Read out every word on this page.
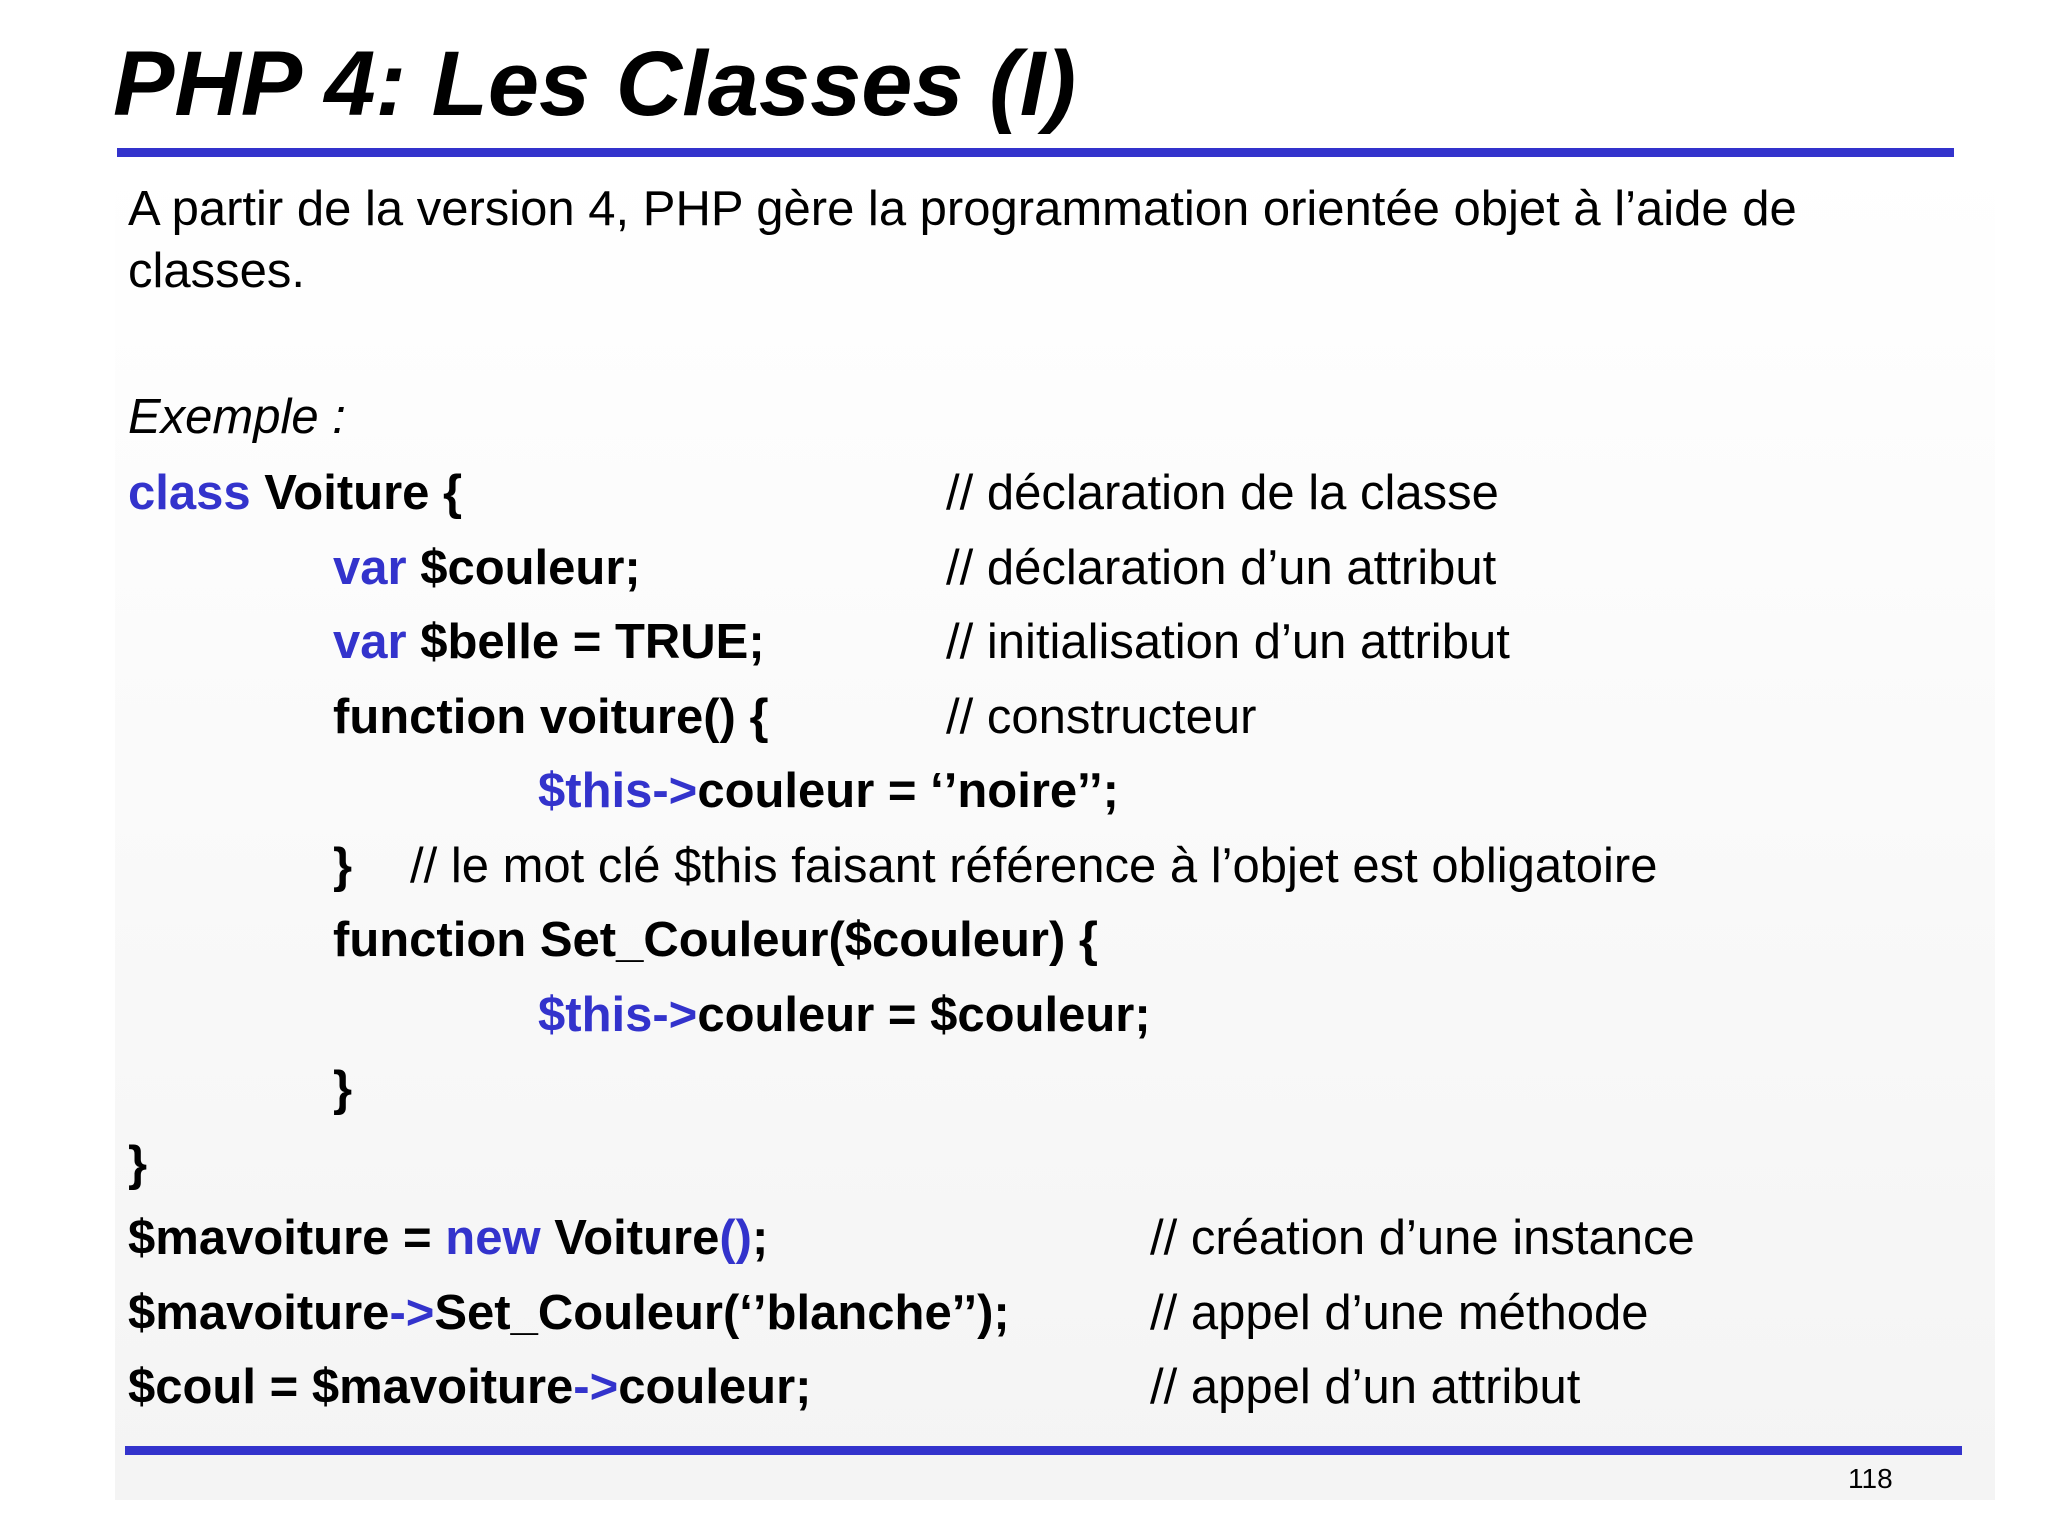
PHP 4: Les Classes (I)
A partir de la version 4, PHP gère la programmation orientée objet à l’aide de classes.
Exemple :
class Voiture {	// déclaration de la classe
var $couleur;	// déclaration d’un attribut
var $belle = TRUE;	// initialisation d’un attribut
function voiture() {	// constructeur
$this->couleur = ‘’noire’’;
} // le mot clé $this faisant référence à l’objet est obligatoire
function Set_Couleur($couleur) {
$this->couleur = $couleur;
}
}
$mavoiture = new Voiture();	// création d’une instance
$mavoiture->Set_Couleur(‘’blanche’’);	// appel d’une méthode
$coul = $mavoiture->couleur;	// appel d’un attribut
118
